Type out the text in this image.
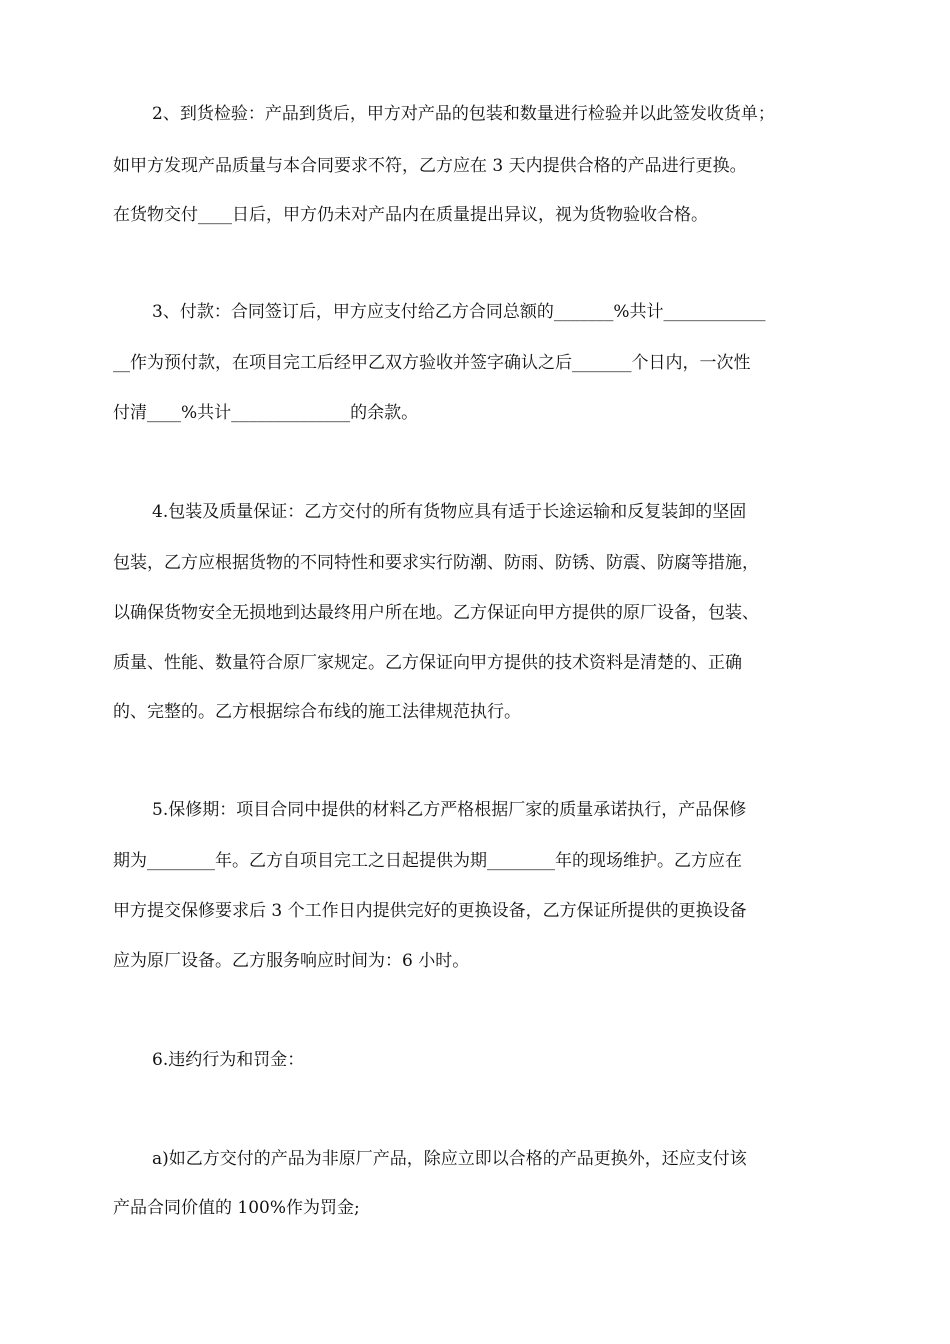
2、到货检验：产品到货后，甲方对产品的包装和数量进行检验并以此签发收货单；
如甲方发现产品质量与本合同要求不符，乙方应在 3 天内提供合格的产品进行更换。
在货物交付____日后，甲方仍未对产品内在质量提出异议，视为货物验收合格。
3、付款：合同签订后，甲方应支付给乙方合同总额的_______%共计____________
__作为预付款，在项目完工后经甲乙双方验收并签字确认之后_______个日内，一次性
付清____%共计______________的余款。
4.包装及质量保证：乙方交付的所有货物应具有适于长途运输和反复装卸的坚固
包装，乙方应根据货物的不同特性和要求实行防潮、防雨、防锈、防震、防腐等措施，
以确保货物安全无损地到达最终用户所在地。乙方保证向甲方提供的原厂设备，包装、
质量、性能、数量符合原厂家规定。乙方保证向甲方提供的技术资料是清楚的、正确
的、完整的。乙方根据综合布线的施工法律规范执行。
5.保修期：项目合同中提供的材料乙方严格根据厂家的质量承诺执行，产品保修
期为________年。乙方自项目完工之日起提供为期________年的现场维护。乙方应在
甲方提交保修要求后 3 个工作日内提供完好的更换设备，乙方保证所提供的更换设备
应为原厂设备。乙方服务响应时间为：6 小时。
6.违约行为和罚金：
a)如乙方交付的产品为非原厂产品，除应立即以合格的产品更换外，还应支付该
产品合同价值的 100%作为罚金;
